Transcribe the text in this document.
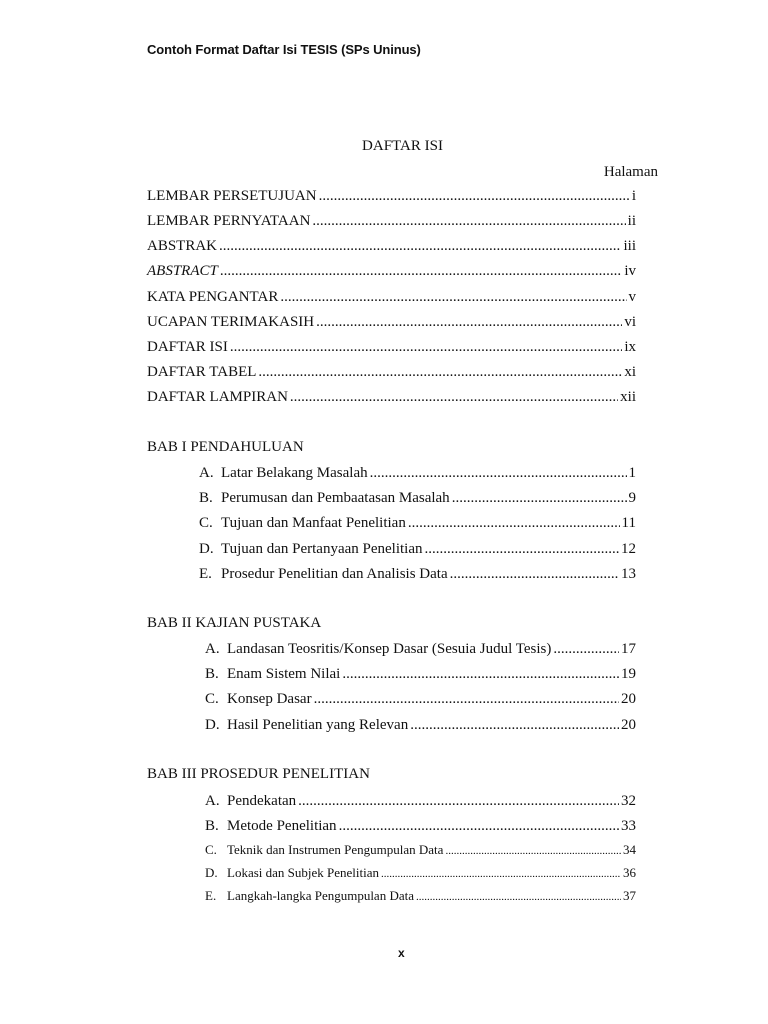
Contoh Format Daftar Isi TESIS (SPs Uninus)
DAFTAR ISI
Halaman
LEMBAR PERSETUJUAN .....	i
LEMBAR PERNYATAAN .....	ii
ABSTRAK .....	iii
ABSTRACT .....	iv
KATA PENGANTAR .....	v
UCAPAN TERIMAKASIH .....	vi
DAFTAR ISI .....	ix
DAFTAR TABEL .....	xi
DAFTAR LAMPIRAN .....	xii
BAB I PENDAHULUAN
A. Latar Belakang Masalah .....	1
B. Perumusan dan Pembaatasan Masalah .....	9
C. Tujuan dan Manfaat Penelitian .....	11
D. Tujuan dan Pertanyaan Penelitian .....	12
E. Prosedur Penelitian dan Analisis Data .....	13
BAB II KAJIAN PUSTAKA
A. Landasan Teosritis/Konsep Dasar (Sesuia Judul Tesis) .....	17
B. Enam Sistem Nilai .....	19
C. Konsep Dasar .....	20
D. Hasil Penelitian yang Relevan .....	20
BAB III PROSEDUR PENELITIAN
A. Pendekatan .....	32
B. Metode Penelitian .....	33
C. Teknik dan Instrumen Pengumpulan Data .....	34
D. Lokasi dan Subjek Penelitian .....	36
E. Langkah-langka Pengumpulan Data .....	37
x
